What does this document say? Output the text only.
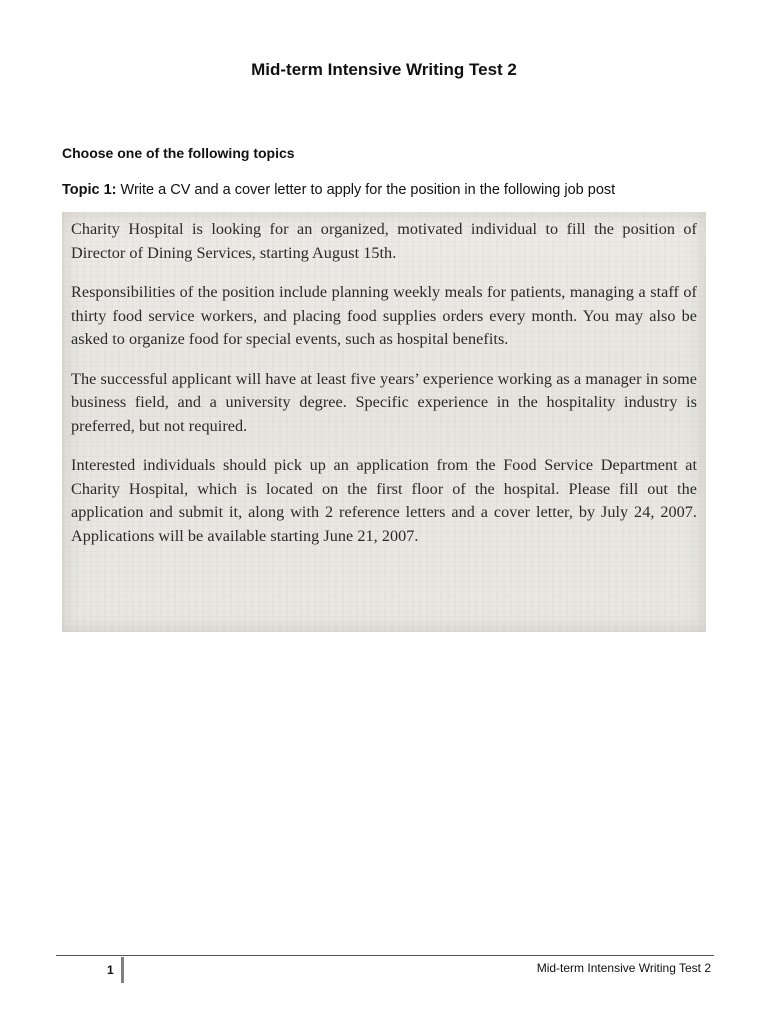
Mid-term Intensive Writing Test 2
Choose one of the following topics
Topic 1: Write a CV and a cover letter to apply for the position in the following job post

Charity Hospital is looking for an organized, motivated individual to fill the position of Director of Dining Services, starting August 15th.

Responsibilities of the position include planning weekly meals for patients, managing a staff of thirty food service workers, and placing food supplies orders every month. You may also be asked to organize food for special events, such as hospital benefits.

The successful applicant will have at least five years’ experience working as a manager in some business field, and a university degree. Specific experience in the hospitality industry is preferred, but not required.

Interested individuals should pick up an application from the Food Service Department at Charity Hospital, which is located on the first floor of the hospital. Please fill out the application and submit it, along with 2 reference letters and a cover letter, by July 24, 2007. Applications will be available starting June 21, 2007.

1	Mid-term Intensive Writing Test 2
